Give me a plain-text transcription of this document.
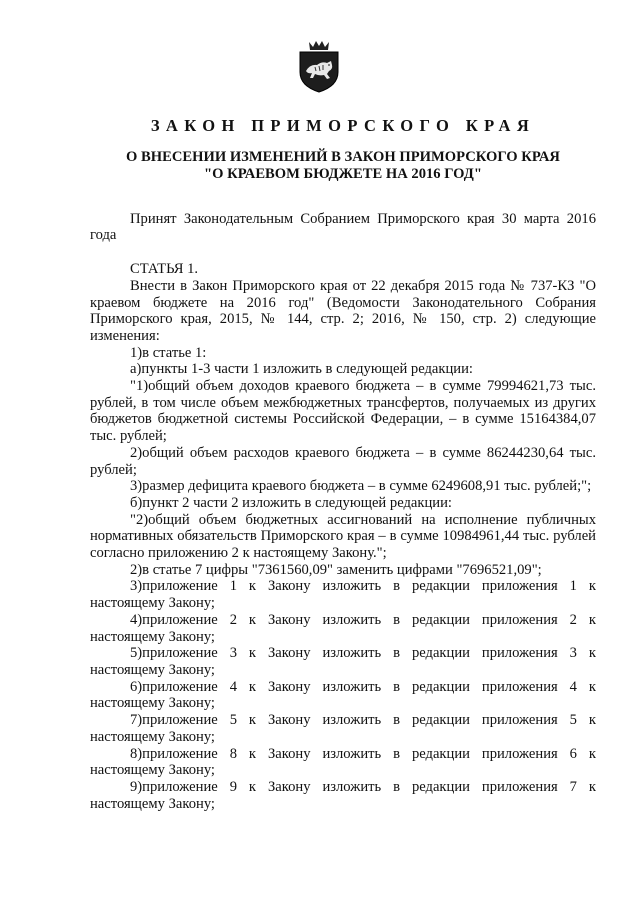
ЗАКОН ПРИМОРСКОГО КРАЯ
О ВНЕСЕНИИ ИЗМЕНЕНИЙ В ЗАКОН ПРИМОРСКОГО КРАЯ
"О КРАЕВОМ БЮДЖЕТЕ НА 2016 ГОД"

Принят Законодательным Собранием Приморского края 30 марта 2016 года

СТАТЬЯ 1.

Внести в Закон Приморского края от 22 декабря 2015 года № 737-КЗ "О краевом бюджете на 2016 год" (Ведомости Законодательного Собрания Приморского края, 2015, № 144, стр. 2; 2016, № 150, стр. 2) следующие изменения:

1)в статье 1:

а)пункты 1-3 части 1 изложить в следующей редакции:

"1)общий объем доходов краевого бюджета – в сумме 79994621,73 тыс. рублей, в том числе объем межбюджетных трансфертов, получаемых из других бюджетов бюджетной системы Российской Федерации, – в сумме 15164384,07 тыс. рублей;

2)общий объем расходов краевого бюджета – в сумме 86244230,64 тыс. рублей;

3)размер дефицита краевого бюджета – в сумме 6249608,91 тыс. рублей;";

б)пункт 2 части 2 изложить в следующей редакции:

"2)общий объем бюджетных ассигнований на исполнение публичных нормативных обязательств Приморского края – в сумме 10984961,44 тыс. рублей согласно приложению 2 к настоящему Закону.";

2)в статье 7 цифры "7361560,09" заменить цифрами "7696521,09";

3)приложение 1 к Закону изложить в редакции приложения 1 к настоящему Закону;

4)приложение 2 к Закону изложить в редакции приложения 2 к настоящему Закону;

5)приложение 3 к Закону изложить в редакции приложения 3 к настоящему Закону;

6)приложение 4 к Закону изложить в редакции приложения 4 к настоящему Закону;

7)приложение 5 к Закону изложить в редакции приложения 5 к настоящему Закону;

8)приложение 8 к Закону изложить в редакции приложения 6 к настоящему Закону;

9)приложение 9 к Закону изложить в редакции приложения 7 к настоящему Закону;
